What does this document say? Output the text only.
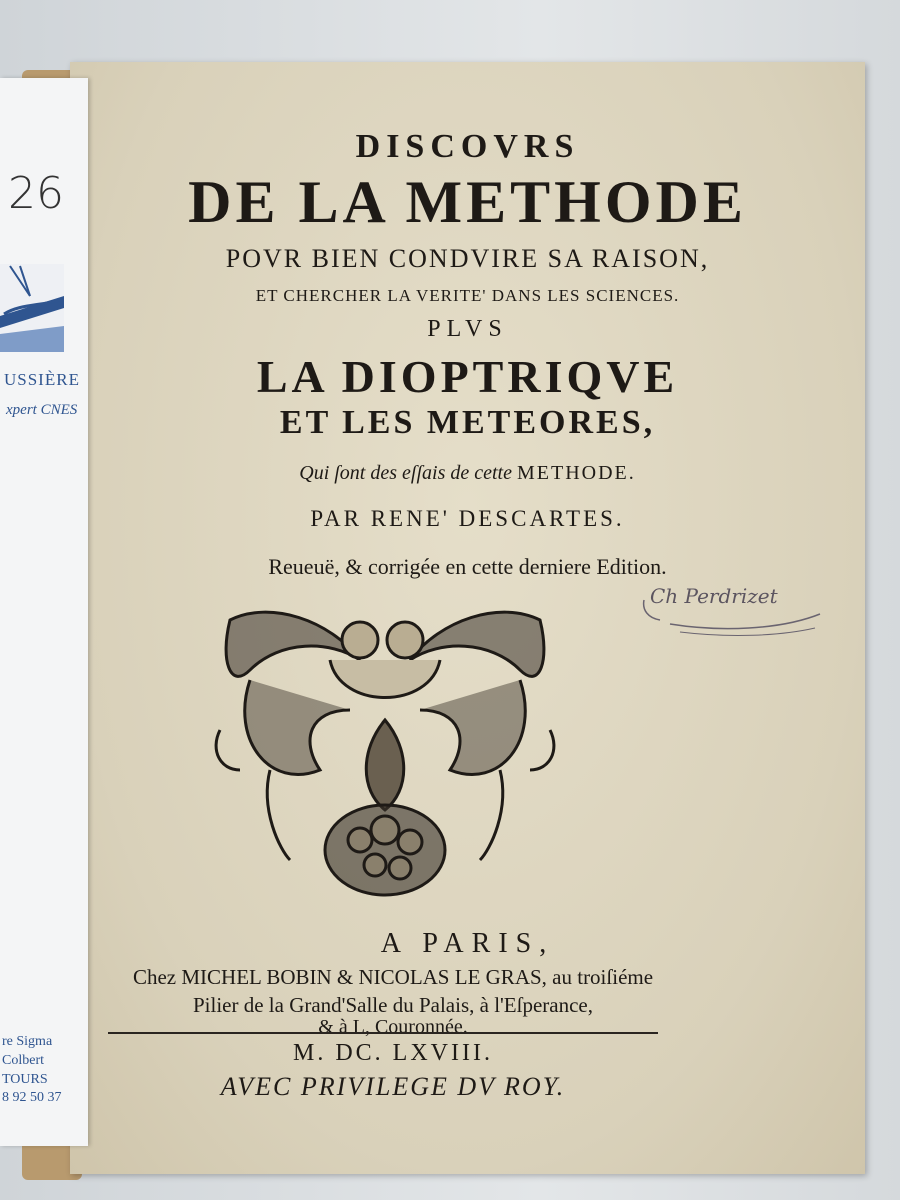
26
USSIÈRE
xpert CNES
re Sigma
Colbert
TOURS
8 92 50 37
DISCOVRS
DE LA METHODE
POVR BIEN CONDVIRE SA RAISON,
ET CHERCHER LA VERITE' DANS LES SCIENCES.
PLVS
LA DIOPTRIQVE
ET LES METEORES,
Qui ſont des eſſais de cette METHODE.
PAR RENE' DESCARTES.
Reueuë, & corrigée en cette derniere Edition.
Ch Perdrizet
A PARIS,
Chez MICHEL BOBIN & NICOLAS LE GRAS, au troiſiéme
Pilier de la Grand'Salle du Palais, à l'Eſperance,
& à L, Couronnée.
M. DC. LXVIII.
AVEC PRIVILEGE DV ROY.
